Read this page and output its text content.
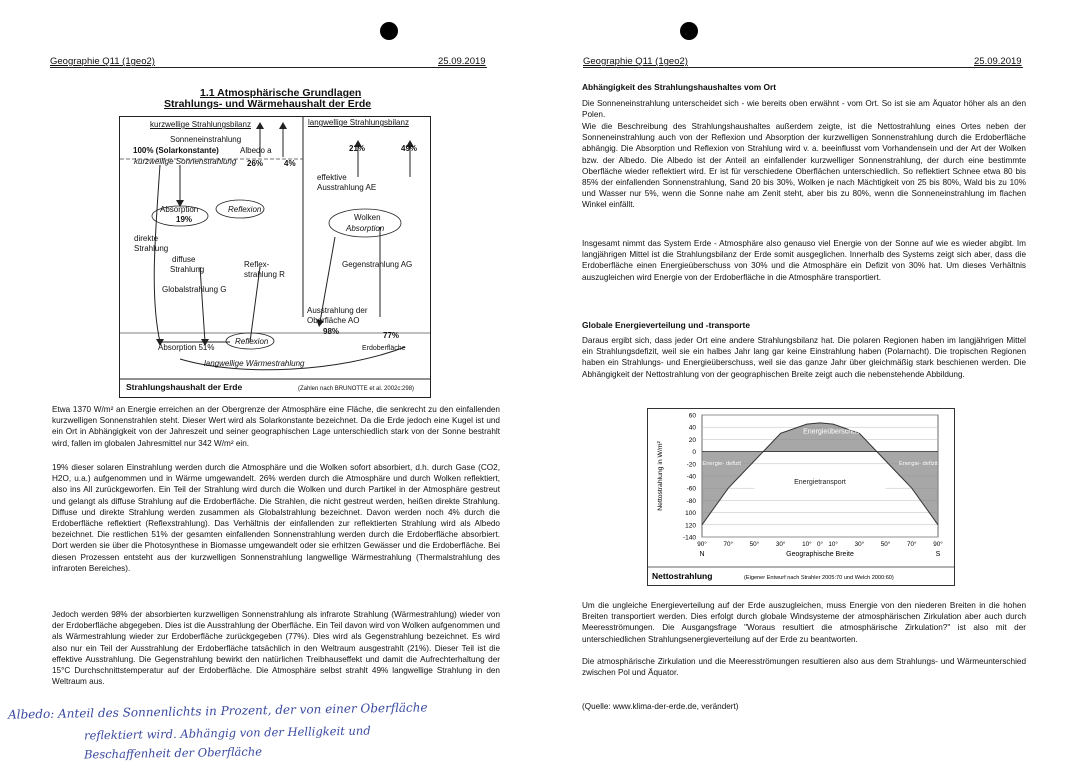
Geographie Q11 (1geo2)	25.09.2019
1.1 Atmosphärische Grundlagen
Strahlungs- und Wärmehaushalt der Erde
kurzwellige Strahlungsbilanz	langwellige Strahlungsbilanz
Sonneneinstrahlung
100% (Solarkonstante)	Albedo a
kurzwellige Sonnenstrahlung 26%	4%
21%	49%
effektive
Ausstrahlung AE
Absorption
19%
Reflexion
Wolken
Absorption
direkte
Strahlung
diffuse
Strahlung
Reflex-
strahlung R
Gegenstrahlung AG
Globalstrahlung G
Ausstrahlung der
Oberfläche AO
98%	77%
Absorption 51%
Reflexion
Erdoberfläche
langwellige Wärmestrahlung
Strahlungshaushalt der Erde	(Zahlen nach BRUNOTTE et al. 2002c:298)

Etwa 1370 W/m² an Energie erreichen an der Obergrenze der Atmosphäre eine Fläche, die senkrecht zu den einfallenden kurzwelligen Sonnenstrahlen steht. Dieser Wert wird als Solarkonstante bezeichnet. Da die Erde jedoch eine Kugel ist und ein Ort in Abhängigkeit von der Jahreszeit und seiner geographischen Lage unterschiedlich stark von der Sonne bestrahlt wird, fallen im globalen Jahresmittel nur 342 W/m² ein.

19% dieser solaren Einstrahlung werden durch die Atmosphäre und die Wolken sofort absorbiert, d.h. durch Gase (CO2, H2O, u.a.) aufgenommen und in Wärme umgewandelt. 26% werden durch die Atmosphäre und durch Wolken reflektiert, also ins All zurückgeworfen. Ein Teil der Strahlung wird durch die Wolken und durch Partikel in der Atmosphäre gestreut und gelangt als diffuse Strahlung auf die Erdoberfläche. Die Strahlen, die nicht gestreut werden, heißen direkte Strahlung. Diffuse und direkte Strahlung werden zusammen als Globalstrahlung bezeichnet. Davon werden noch 4% durch die Erdoberfläche reflektiert (Reflexstrahlung). Das Verhältnis der einfallenden zur reflektierten Strahlung wird als Albedo bezeichnet. Die restlichen 51% der gesamten einfallenden Sonnenstrahlung werden durch die Erdoberfläche absorbiert. Dort werden sie über die Photosynthese in Biomasse umgewandelt oder sie erhitzen Gewässer und die Erdoberfläche. Bei diesen Prozessen entsteht aus der kurzwelligen Sonnenstrahlung langwellige Wärmestrahlung (Thermalstrahlung des infraroten Bereiches).

Jedoch werden 98% der absorbierten kurzwelligen Sonnenstrahlung als infrarote Strahlung (Wärmestrahlung) wieder von der Erdoberfläche abgegeben. Dies ist die Ausstrahlung der Oberfläche. Ein Teil davon wird von Wolken aufgenommen und als Wärmestrahlung wieder zur Erdoberfläche zurückgegeben (77%). Dies wird als Gegenstrahlung bezeichnet. Es wird also nur ein Teil der Ausstrahlung der Erdoberfläche tatsächlich in den Weltraum ausgestrahlt (21%). Dieser Teil ist die effektive Ausstrahlung. Die Gegenstrahlung bewirkt den natürlichen Treibhauseffekt und damit die Aufrechterhaltung der 15°C Durchschnittstemperatur auf der Erdoberfläche. Die Atmosphäre selbst strahlt 49% langwellige Strahlung in den Weltraum aus.

Albedo: Anteil des Sonnenlichts in Prozent, der von einer Oberfläche
reflektiert wird. Abhängig von der Helligkeit und
Beschaffenheit der Oberfläche
Geographie Q11 (1geo2)	25.09.2019
Abhängigkeit des Strahlungshaushaltes vom Ort

Die Sonneneinstrahlung unterscheidet sich - wie bereits oben erwähnt - vom Ort. So ist sie am Äquator höher als an den Polen.

Wie die Beschreibung des Strahlungshaushaltes außerdem zeigte, ist die Nettostrahlung eines Ortes neben der Sonneneinstrahlung auch von der Reflexion und Absorption der kurzwelligen Sonnenstrahlung durch die Erdoberfläche abhängig. Die Absorption und Reflexion von Strahlung wird v. a. beeinflusst vom Vorhandensein und der Art der Wolken bzw. der Albedo. Die Albedo ist der Anteil an einfallender kurzwelliger Sonnenstrahlung, der durch eine bestimmte Oberfläche wieder reflektiert wird. Er ist für verschiedene Oberflächen unterschiedlich. So reflektiert Schnee etwa 80 bis 85% der einfallenden Sonnenstrahlung, Sand 20 bis 30%, Wolken je nach Mächtigkeit von 25 bis 80%, Wald bis zu 10% und Wasser nur 5%, wenn die Sonne nahe am Zenit steht, aber bis zu 80%, wenn die Sonneneinstrahlung im flachen Winkel einfällt.

Insgesamt nimmt das System Erde - Atmosphäre also genauso viel Energie von der Sonne auf wie es wieder abgibt. Im langjährigen Mittel ist die Strahlungsbilanz der Erde somit ausgeglichen. Innerhalb des Systems zeigt sich aber, dass die Erdoberfläche einen Energieüberschuss von 30% und die Atmosphäre ein Defizit von 30% hat. Um dieses Verhältnis auszugleichen wird Energie von der Erdoberfläche in die Atmosphäre transportiert.

Globale Energieverteilung und -transporte

Daraus ergibt sich, dass jeder Ort eine andere Strahlungsbilanz hat. Die polaren Regionen haben im langjährigen Mittel ein Strahlungsdefizit, weil sie ein halbes Jahr lang gar keine Einstrahlung haben (Polarnacht). Die tropischen Regionen haben ein Strahlungs- und Energieüberschuss, weil sie das ganze Jahr über gleichmäßig stark beschienen werden. Die Abhängigkeit der Nettostrahlung von der geographischen Breite zeigt auch die nebenstehende Abbildung.

60
40
20
0
-20
-40
-60
-80
100
120
-140
Energieüberschuss
Energietransport
Energie- defizit	Energie- defizit
90°	70°	50°	30°	10° 0° 10°	30°	50°	70°	90°
N	S
Geographische Breite
Nettostrahlung in W/m²
Nettostrahlung	(Eigener Entwurf nach Strahler 2005:70 und Welch 2000:60)

Um die ungleiche Energieverteilung auf der Erde auszugleichen, muss Energie von den niederen Breiten in die hohen Breiten transportiert werden. Dies erfolgt durch globale Windsysteme der atmosphärischen Zirkulation aber auch durch Meeresströmungen. Die Ausgangsfrage "Woraus resultiert die atmosphärische Zirkulation?" ist also mit der unterschiedlichen Strahlungsenergieverteilung auf der Erde zu beantworten.

Die atmosphärische Zirkulation und die Meeresströmungen resultieren also aus dem Strahlungs- und Wärmeunterschied zwischen Pol und Äquator.

(Quelle: www.klima-der-erde.de, verändert)
